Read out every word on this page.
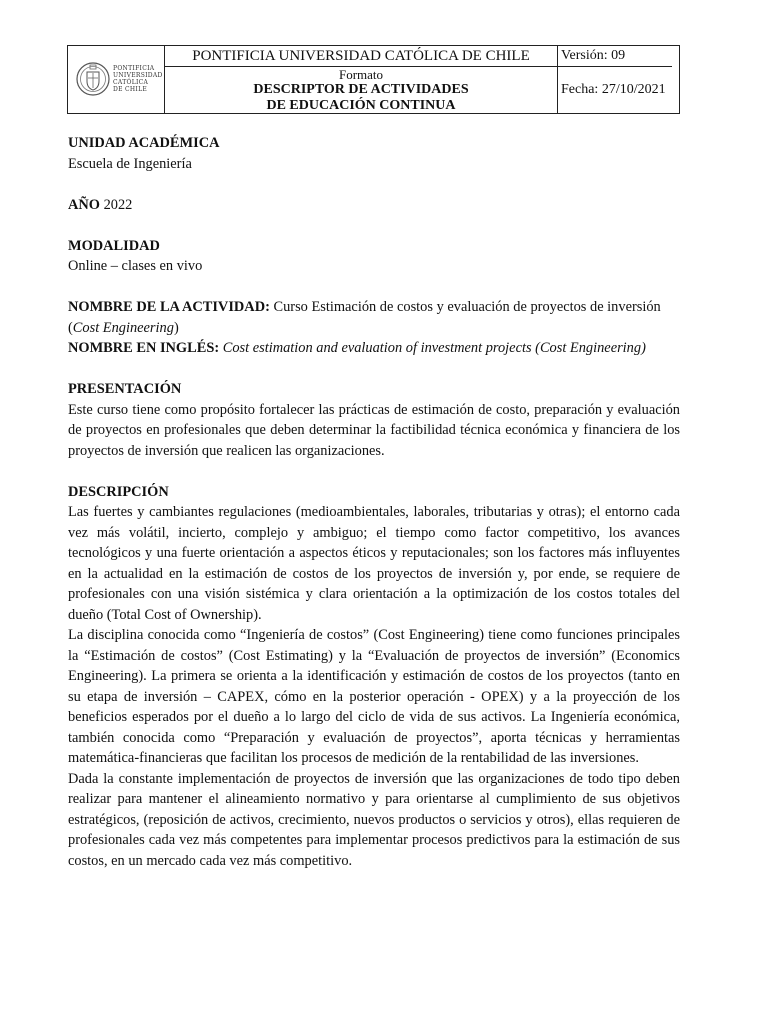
PONTIFICIA
UNIVERSIDAD
CATÓLICA
DE CHILE
PONTIFICIA UNIVERSIDAD CATÓLICA DE CHILE	Versión: 09
Formato
DESCRIPTOR DE ACTIVIDADES
DE EDUCACIÓN CONTINUA
Fecha: 27/10/2021

UNIDAD ACADÉMICA

Escuela de Ingeniería

AÑO 2022

MODALIDAD

Online – clases en vivo

NOMBRE DE LA ACTIVIDAD: Curso Estimación de costos y evaluación de proyectos de inversión (Cost Engineering)

NOMBRE EN INGLÉS: Cost estimation and evaluation of investment projects (Cost Engineering)

PRESENTACIÓN

Este curso tiene como propósito fortalecer las prácticas de estimación de costo, preparación y evaluación de proyectos en profesionales que deben determinar la factibilidad técnica económica y financiera de los proyectos de inversión que realicen las organizaciones.

DESCRIPCIÓN

Las fuertes y cambiantes regulaciones (medioambientales, laborales, tributarias y otras); el entorno cada vez más volátil, incierto, complejo y ambiguo; el tiempo como factor competitivo, los avances tecnológicos y una fuerte orientación a aspectos éticos y reputacionales; son los factores más influyentes en la actualidad en la estimación de costos de los proyectos de inversión y, por ende, se requiere de profesionales con una visión sistémica y clara orientación a la optimización de los costos totales del dueño (Total Cost of Ownership).

La disciplina conocida como “Ingeniería de costos” (Cost Engineering) tiene como funciones principales la “Estimación de costos” (Cost Estimating) y la “Evaluación de proyectos de inversión” (Economics Engineering). La primera se orienta a la identificación y estimación de costos de los proyectos (tanto en su etapa de inversión – CAPEX, cómo en la posterior operación - OPEX) y a la proyección de los beneficios esperados por el dueño a lo largo del ciclo de vida de sus activos. La Ingeniería económica, también conocida como “Preparación y evaluación de proyectos”, aporta técnicas y herramientas matemática-financieras que facilitan los procesos de medición de la rentabilidad de las inversiones.

Dada la constante implementación de proyectos de inversión que las organizaciones de todo tipo deben realizar para mantener el alineamiento normativo y para orientarse al cumplimiento de sus objetivos estratégicos, (reposición de activos, crecimiento, nuevos productos o servicios y otros), ellas requieren de profesionales cada vez más competentes para implementar procesos predictivos para la estimación de sus costos, en un mercado cada vez más competitivo.
